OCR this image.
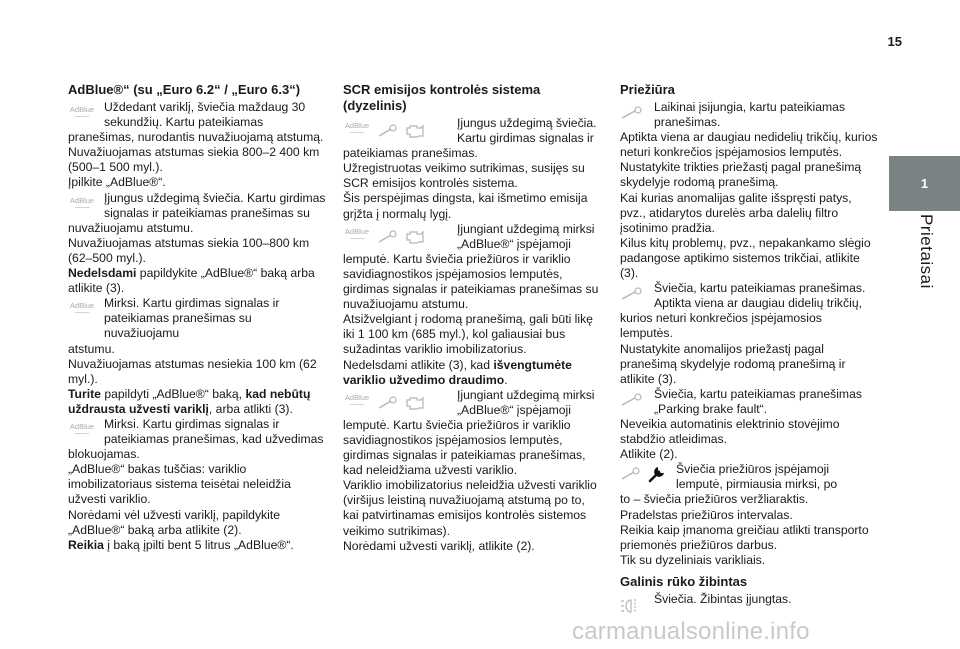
15
1
Prietaisai
AdBlue®“ (su „Euro 6.2“ / „Euro 6.3“)
AdBlue
~~~~
Uždedant variklį, šviečia maždaug 30 sekundžių. Kartu pateikiamas

pranešimas, nurodantis nuvažiuojamą atstumą.

Nuvažiuojamas atstumas siekia 800–2 400 km (500–1 500 myl.).

Įpilkite „AdBlue®“.

AdBlue
~~~~
Įjungus uždegimą šviečia. Kartu girdimas signalas ir pateikiamas pranešimas su

nuvažiuojamu atstumu.

Nuvažiuojamas atstumas siekia 100–800 km (62–500 myl.).

Nedelsdami papildykite „AdBlue®“ baką arba atlikite (3).

AdBlue
~~~~
Mirksi. Kartu girdimas signalas ir pateikiamas pranešimas su nuvažiuojamu

atstumu.

Nuvažiuojamas atstumas nesiekia 100 km (62 myl.).

Turite papildyti „AdBlue®“ baką, kad nebūtų uždrausta užvesti variklį, arba atlikti (3).

AdBlue
~~~~
Mirksi. Kartu girdimas signalas ir pateikiamas pranešimas, kad užvedimas

blokuojamas.

„AdBlue®“ bakas tuščias: variklio imobilizatoriaus sistema teisėtai neleidžia užvesti variklio.

Norėdami vėl užvesti variklį, papildykite „AdBlue®“ baką arba atlikite (2).

Reikia į baką įpilti bent 5 litrus „AdBlue®“.

SCR emisijos kontrolės sistema (dyzelinis)
AdBlue
~~~~
Įjungus uždegimą šviečia. Kartu girdimas signalas ir

pateikiamas pranešimas.

Užregistruotas veikimo sutrikimas, susijęs su SCR emisijos kontrolės sistema.

Šis perspėjimas dingsta, kai išmetimo emisija grįžta į normalų lygį.

AdBlue
~~~~
Įjungiant uždegimą mirksi „AdBlue®“ įspėjamoji

lemputė. Kartu šviečia priežiūros ir variklio savidiagnostikos įspėjamosios lemputės, girdimas signalas ir pateikiamas pranešimas su nuvažiuojamu atstumu.

Atsižvelgiant į rodomą pranešimą, gali būti likę iki 1 100 km (685 myl.), kol galiausiai bus sužadintas variklio imobilizatorius.

Nedelsdami atlikite (3), kad išvengtumėte variklio užvedimo draudimo.

AdBlue
~~~~
Įjungiant uždegimą mirksi „AdBlue®“ įspėjamoji

lemputė. Kartu šviečia priežiūros ir variklio savidiagnostikos įspėjamosios lemputės, girdimas signalas ir pateikiamas pranešimas, kad neleidžiama užvesti variklio.

Variklio imobilizatorius neleidžia užvesti variklio (viršijus leistiną nuvažiuojamą atstumą po to, kai patvirtinamas emisijos kontrolės sistemos veikimo sutrikimas).

Norėdami užvesti variklį, atlikite (2).

Priežiūra
Laikinai įsijungia, kartu pateikiamas pranešimas.

Aptikta viena ar daugiau nedidelių trikčių, kurios neturi konkrečios įspėjamosios lemputės.

Nustatykite trikties priežastį pagal pranešimą skydelyje rodomą pranešimą.

Kai kurias anomalijas galite išspręsti patys, pvz., atidarytos durelės arba dalelių filtro įsotinimo pradžia.

Kilus kitų problemų, pvz., nepakankamo slėgio padangose aptikimo sistemos trikčiai, atlikite (3).

Šviečia, kartu pateikiamas pranešimas. Aptikta viena ar daugiau didelių trikčių,

kurios neturi konkrečios įspėjamosios lemputės.

Nustatykite anomalijos priežastį pagal pranešimą skydelyje rodomą pranešimą ir atlikite (3).

Šviečia, kartu pateikiamas pranešimas „Parking brake fault“.

Neveikia automatinis elektrinio stovėjimo stabdžio atleidimas.

Atlikite (2).

Šviečia priežiūros įspėjamoji lemputė, pirmiausia mirksi, po

to – šviečia priežiūros veržliaraktis.

Pradelstas priežiūros intervalas.

Reikia kaip įmanoma greičiau atlikti transporto priemonės priežiūros darbus.

Tik su dyzeliniais varikliais.

Galinis rūko žibintas
Šviečia. Žibintas įjungtas.
carmanualsonline.info
